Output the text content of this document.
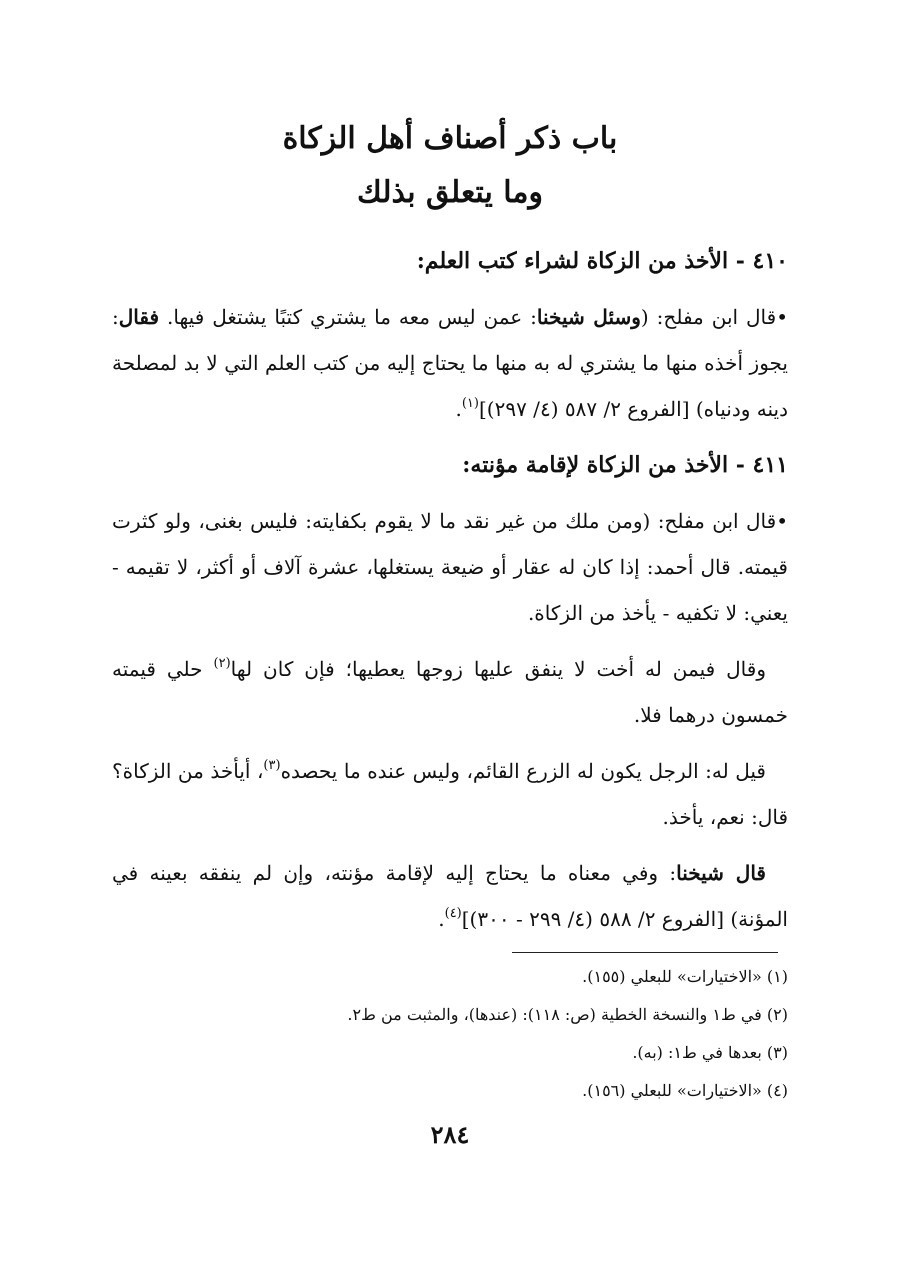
باب ذكر أصناف أهل الزكاة
وما يتعلق بذلك

٤١٠ - الأخذ من الزكاة لشراء كتب العلم:

•قال ابن مفلح: (وسئل شيخنا: عمن ليس معه ما يشتري كتبًا يشتغل فيها. فقال: يجوز أخذه منها ما يشتري له به منها ما يحتاج إليه من كتب العلم التي لا بد لمصلحة دينه ودنياه) [الفروع ٢/ ٥٨٧ (٤/ ٢٩٧)]$^{(١)}$.

٤١١ - الأخذ من الزكاة لإقامة مؤنته:

•قال ابن مفلح: (ومن ملك من غير نقد ما لا يقوم بكفايته: فليس بغنى، ولو كثرت قيمته. قال أحمد: إذا كان له عقار أو ضيعة يستغلها، عشرة آلاف أو أكثر، لا تقيمه - يعني: لا تكفيه - يأخذ من الزكاة.

وقال فيمن له أخت لا ينفق عليها زوجها يعطيها؛ فإن كان لها$^{(٢)}$ حلي قيمته خمسون درهما فلا.

قيل له: الرجل يكون له الزرع القائم، وليس عنده ما يحصده$^{(٣)}$، أيأخذ من الزكاة؟ قال: نعم، يأخذ.

قال شيخنا: وفي معناه ما يحتاج إليه لإقامة مؤنته، وإن لم ينفقه بعينه في المؤنة) [الفروع ٢/ ٥٨٨ (٤/ ٢٩٩ - ٣٠٠)]$^{(٤)}$.

(١) «الاختيارات» للبعلي (١٥٥).

(٢) في ط١ والنسخة الخطية (ص: ١١٨): (عندها)، والمثبت من ط٢.

(٣) بعدها في ط١: (به).

(٤) «الاختيارات» للبعلي (١٥٦).

٢٨٤
